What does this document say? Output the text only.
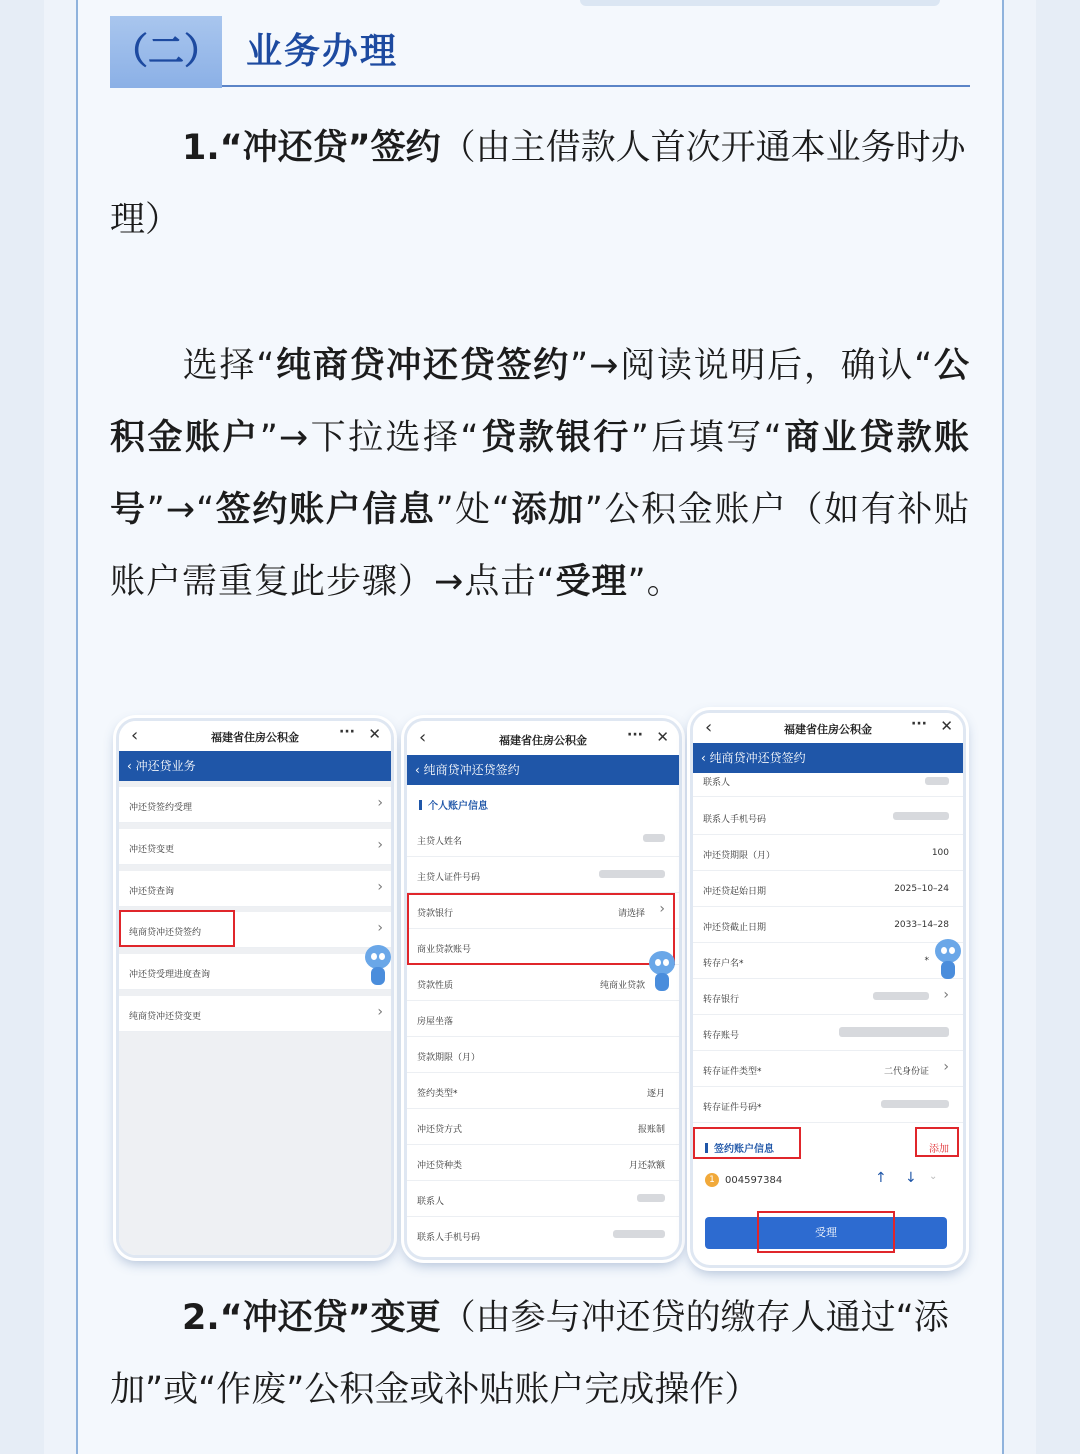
（二） 业务办理
1.“冲还贷”签约（由主借款人首次开通本业务时办理）
选择“纯商贷冲还贷签约”→阅读说明后，确认“公积金账户”→下拉选择“贷款银行”后填写“商业贷款账号”→“签约账户信息”处“添加”公积金账户（如有补贴账户需重复此步骤）→点击“受理”。
‹	福建省住房公积金	··· ✕
‹ 冲还贷业务
冲还贷签约受理	›
冲还贷变更	›
冲还贷查询	›
纯商贷冲还贷签约	›
冲还贷受理进度查询
纯商贷冲还贷变更	›
‹	福建省住房公积金	··· ✕
‹ 纯商贷冲还贷签约
个人账户信息
主贷人姓名
主贷人证件号码
贷款银行	请选择 ›
商业贷款账号
贷款性质	纯商业贷款
房屋坐落
贷款期限（月）
签约类型*	逐月
冲还贷方式	报账制
冲还贷种类	月还款额
联系人
联系人手机号码
‹	福建省住房公积金	··· ✕
‹ 纯商贷冲还贷签约
联系人
联系人手机号码
冲还贷期限（月）	100
冲还贷起始日期	2025–10–24
冲还贷截止日期	2033–14–28
转存户名*	*
转存银行	›
转存账号
转存证件类型*	二代身份证 ›
转存证件号码*
签约账户信息	添加
1	004597384	↑ ↓ ⌄
受理
2.“冲还贷”变更（由参与冲还贷的缴存人通过“添加”或“作废”公积金或补贴账户完成操作）
